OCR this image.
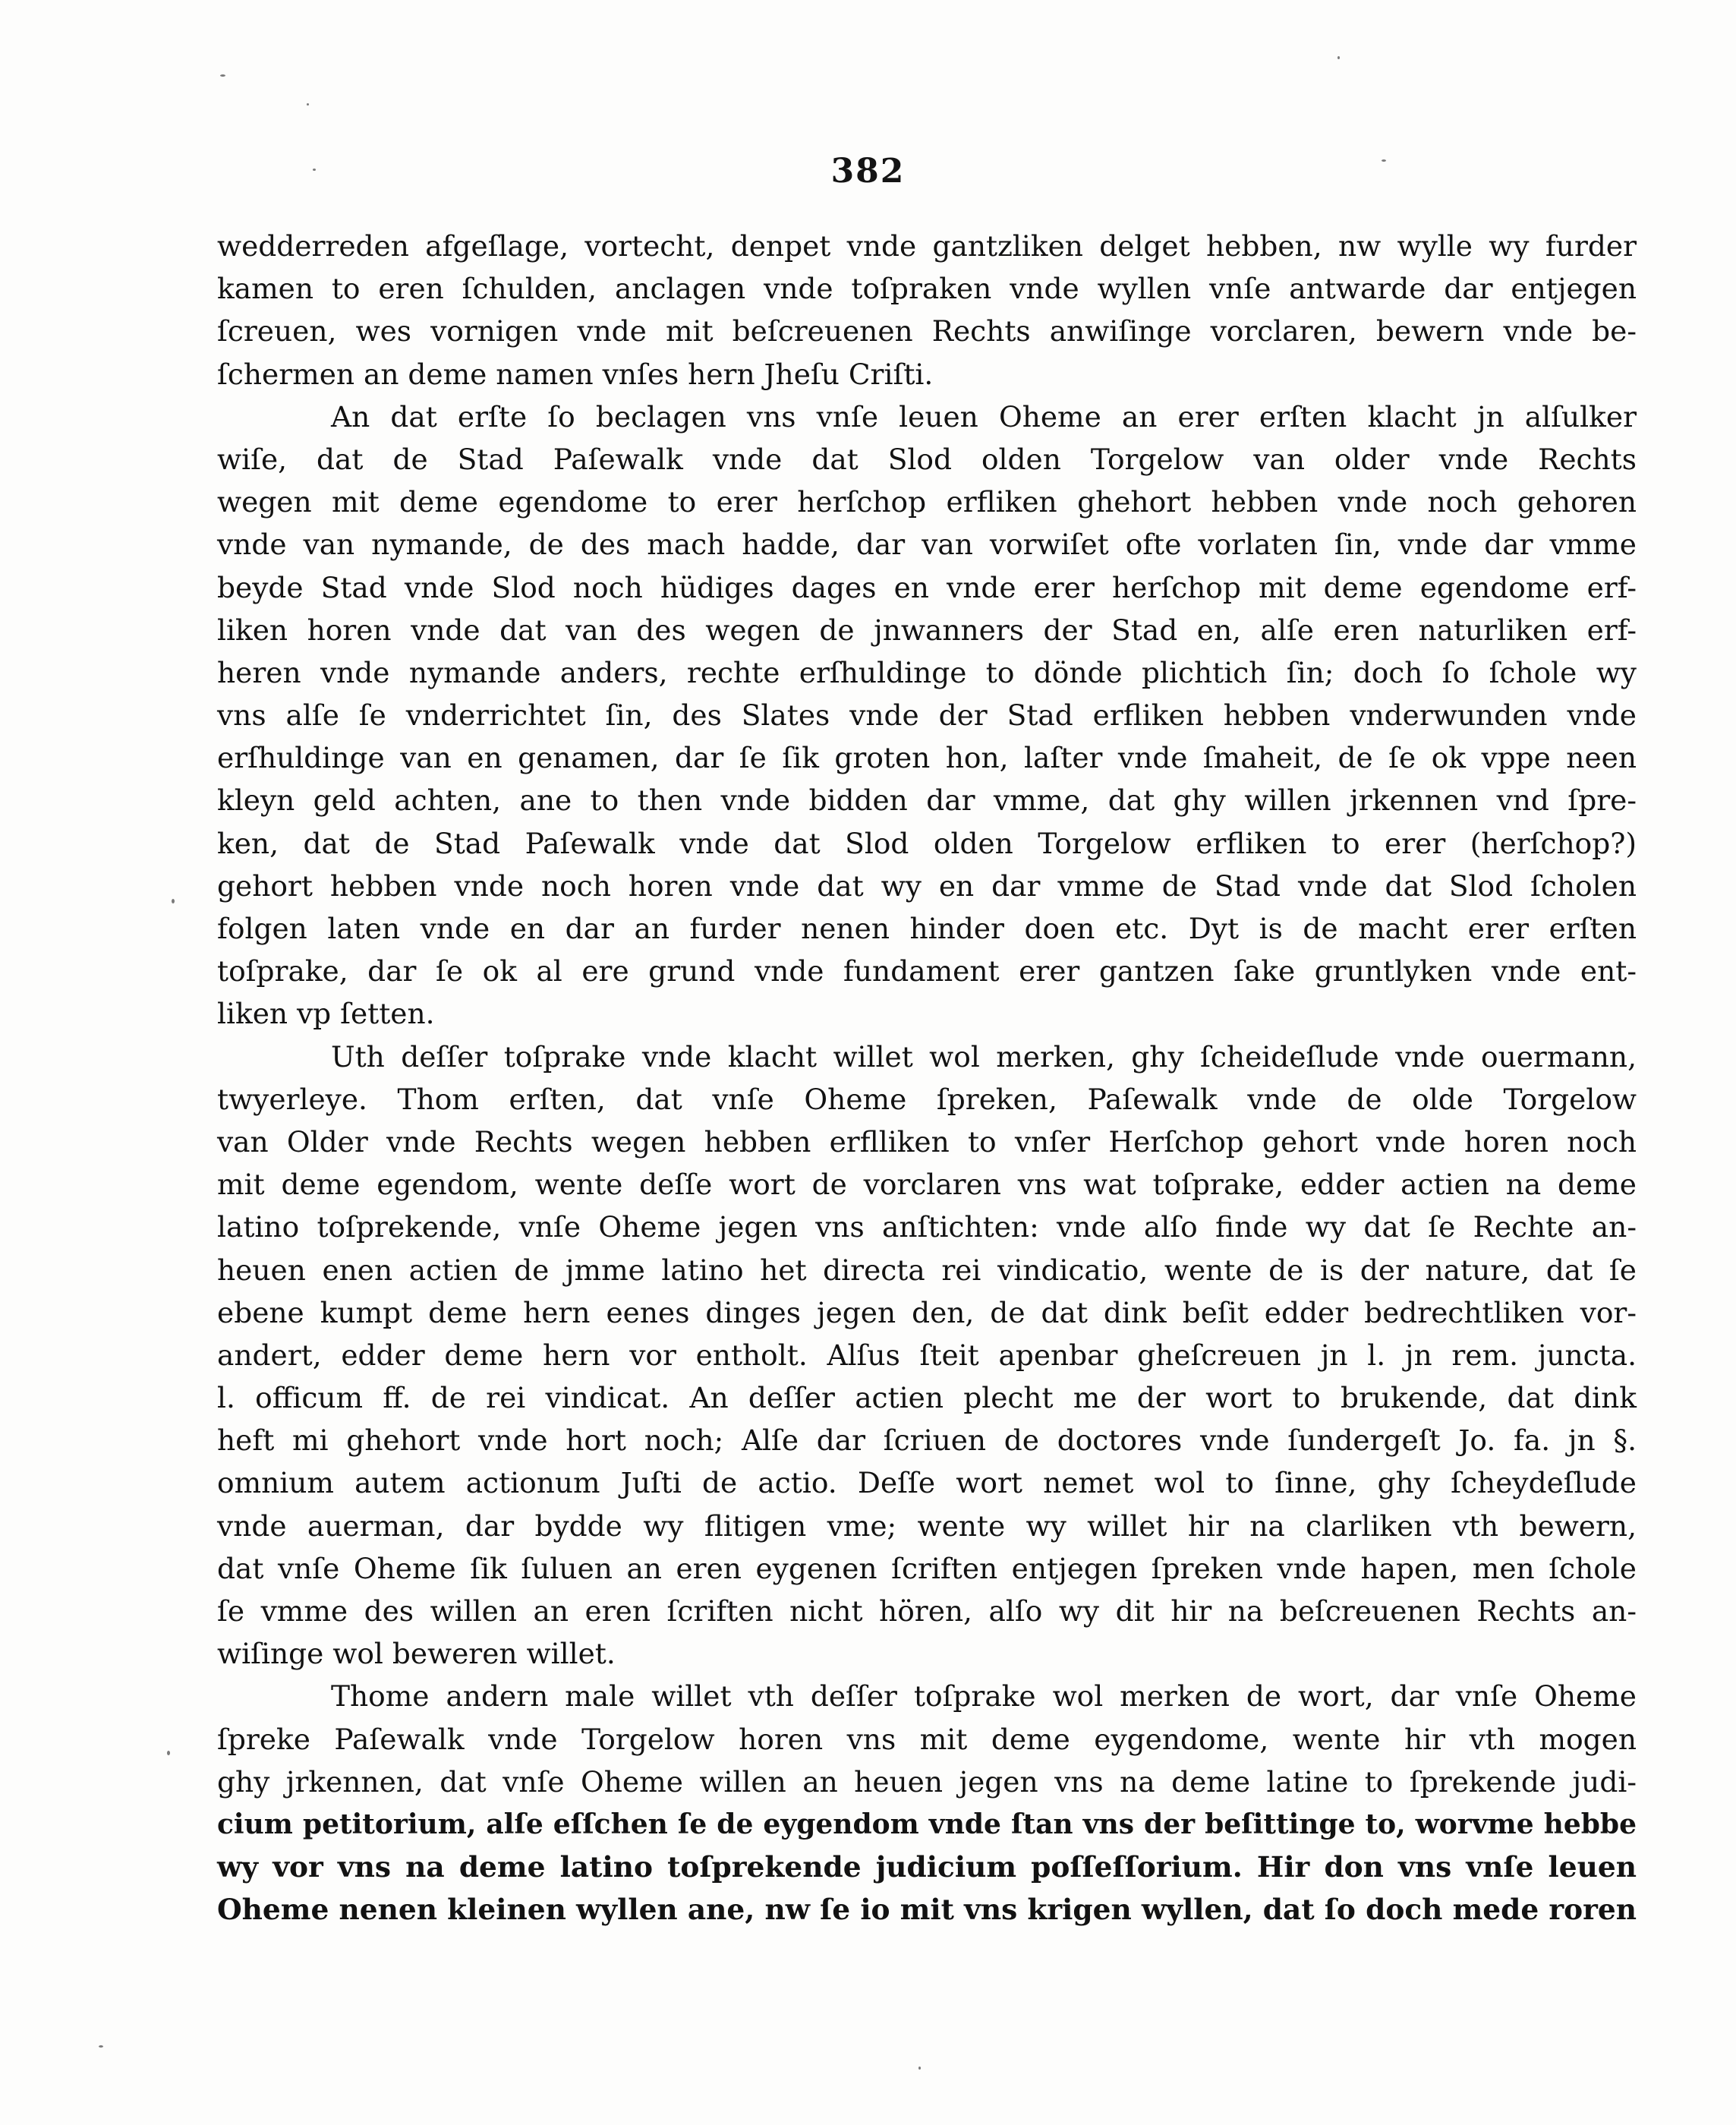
382
wedderreden afgeſlage, vortecht, denpet vnde gantzliken delget hebben, nw wylle wy furder
kamen to eren ſchulden, anclagen vnde toſpraken vnde wyllen vnſe antwarde dar entjegen
ſcreuen, wes vornigen vnde mit beſcreuenen Rechts anwiſinge vorclaren, bewern vnde be-
ſchermen an deme namen vnſes hern Jheſu Criſti.
An dat erſte ſo beclagen vns vnſe leuen Oheme an erer erſten klacht jn alſulker
wiſe, dat de Stad Paſewalk vnde dat Slod olden Torgelow van older vnde Rechts
wegen mit deme egendome to erer herſchop erfliken ghehort hebben vnde noch gehoren
vnde van nymande, de des mach hadde, dar van vorwiſet ofte vorlaten ſin, vnde dar vmme
beyde Stad vnde Slod noch hüdiges dages en vnde erer herſchop mit deme egendome erf-
liken horen vnde dat van des wegen de jnwanners der Stad en, alſe eren naturliken erf-
heren vnde nymande anders, rechte erſhuldinge to dönde plichtich ſin; doch ſo ſchole wy
vns alſe ſe vnderrichtet ſin, des Slates vnde der Stad erfliken hebben vnderwunden vnde
erſhuldinge van en genamen, dar ſe ſik groten hon, laſter vnde ſmaheit, de ſe ok vppe neen
kleyn geld achten, ane to then vnde bidden dar vmme, dat ghy willen jrkennen vnd ſpre-
ken, dat de Stad Paſewalk vnde dat Slod olden Torgelow erfliken to erer (herſchop?)
gehort hebben vnde noch horen vnde dat wy en dar vmme de Stad vnde dat Slod ſcholen
folgen laten vnde en dar an furder nenen hinder doen etc. Dyt is de macht erer erſten
toſprake, dar ſe ok al ere grund vnde fundament erer gantzen ſake gruntlyken vnde ent-
liken vp ſetten.
Uth deſſer toſprake vnde klacht willet wol merken, ghy ſcheideſlude vnde ouermann,
twyerleye. Thom erſten, dat vnſe Oheme ſpreken, Paſewalk vnde de olde Torgelow
van Older vnde Rechts wegen hebben erflliken to vnſer Herſchop gehort vnde horen noch
mit deme egendom, wente deſſe wort de vorclaren vns wat toſprake, edder actien na deme
latino toſprekende, vnſe Oheme jegen vns anſtichten: vnde alſo finde wy dat ſe Rechte an-
heuen enen actien de jmme latino het directa rei vindicatio, wente de is der nature, dat ſe
ebene kumpt deme hern eenes dinges jegen den, de dat dink beſit edder bedrechtliken vor-
andert, edder deme hern vor entholt. Alſus ſteit apenbar gheſcreuen jn l. jn rem. juncta.
l. officum ff. de rei vindicat. An deſſer actien plecht me der wort to brukende, dat dink
heft mi ghehort vnde hort noch; Alſe dar ſcriuen de doctores vnde ſundergeſt Jo. fa. jn §.
omnium autem actionum Juſti de actio. Deſſe wort nemet wol to ſinne, ghy ſcheydeſlude
vnde auerman, dar bydde wy flitigen vme; wente wy willet hir na clarliken vth bewern,
dat vnſe Oheme ſik ſuluen an eren eygenen ſcriften entjegen ſpreken vnde hapen, men ſchole
ſe vmme des willen an eren ſcriften nicht hören, alſo wy dit hir na beſcreuenen Rechts an-
wiſinge wol beweren willet.
Thome andern male willet vth deſſer toſprake wol merken de wort, dar vnſe Oheme
ſpreke Paſewalk vnde Torgelow horen vns mit deme eygendome, wente hir vth mogen
ghy jrkennen, dat vnſe Oheme willen an heuen jegen vns na deme latine to ſprekende judi-
cium petitorium, alſe eſſchen ſe de eygendom vnde ſtan vns der beſittinge to, worvme hebbe
wy vor vns na deme latino toſprekende judicium poſſeſſorium. Hir don vns vnſe leuen
Oheme nenen kleinen wyllen ane, nw ſe io mit vns krigen wyllen, dat ſo doch mede roren
